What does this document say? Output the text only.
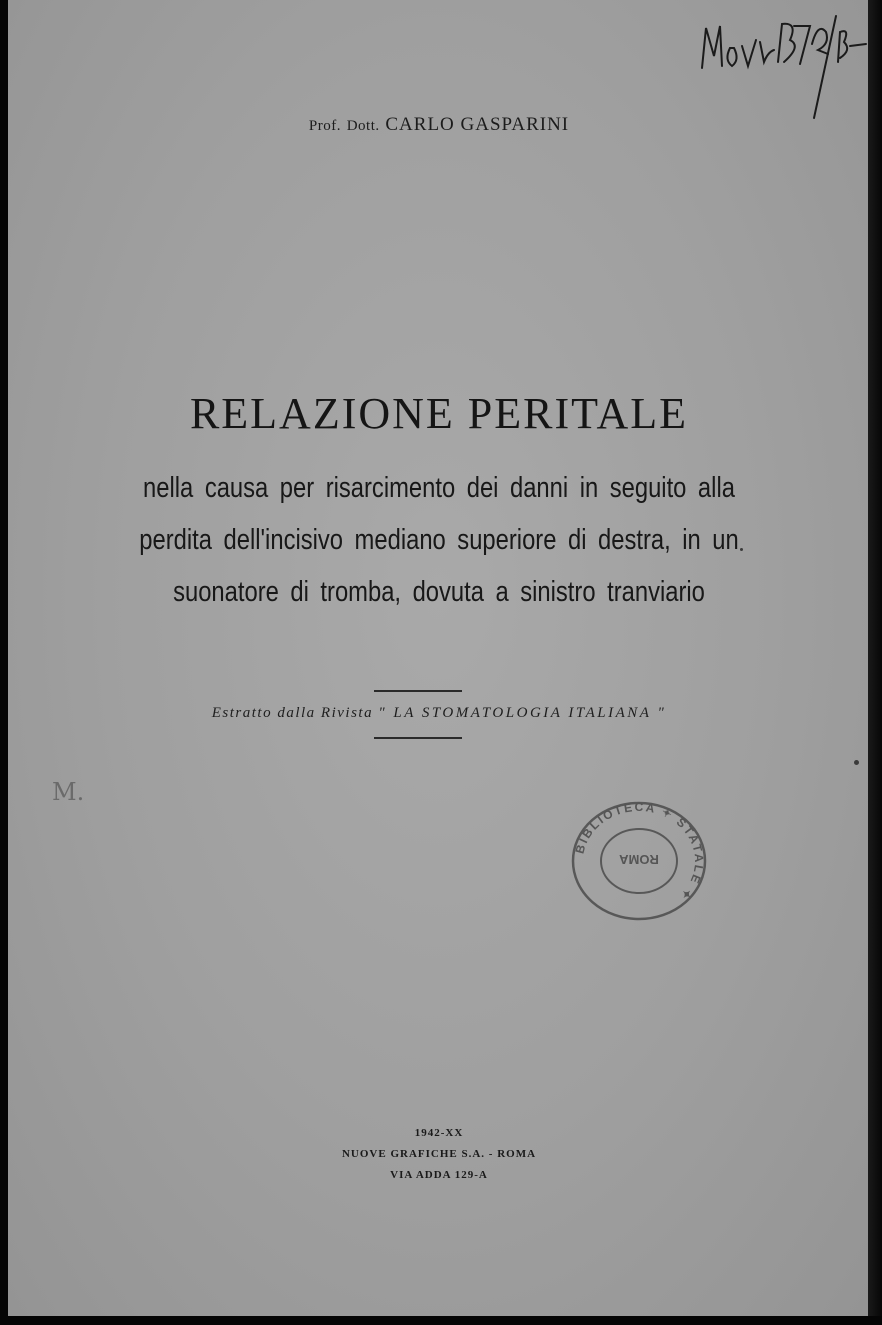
Prof. Dott. CARLO GASPARINI
RELAZIONE PERITALE
nella causa per risarcimento dei danni in seguito alla
perdita dell'incisivo mediano superiore di destra, in un
suonatore di tromba, dovuta a sinistro tranviario
Estratto dalla Rivista " LA STOMATOLOGIA ITALIANA "
M.
BIBLIOTECA ✦ STATALE ✦
ROMA
1942-XX
NUOVE GRAFICHE S.A. - ROMA
VIA ADDA 129-A
